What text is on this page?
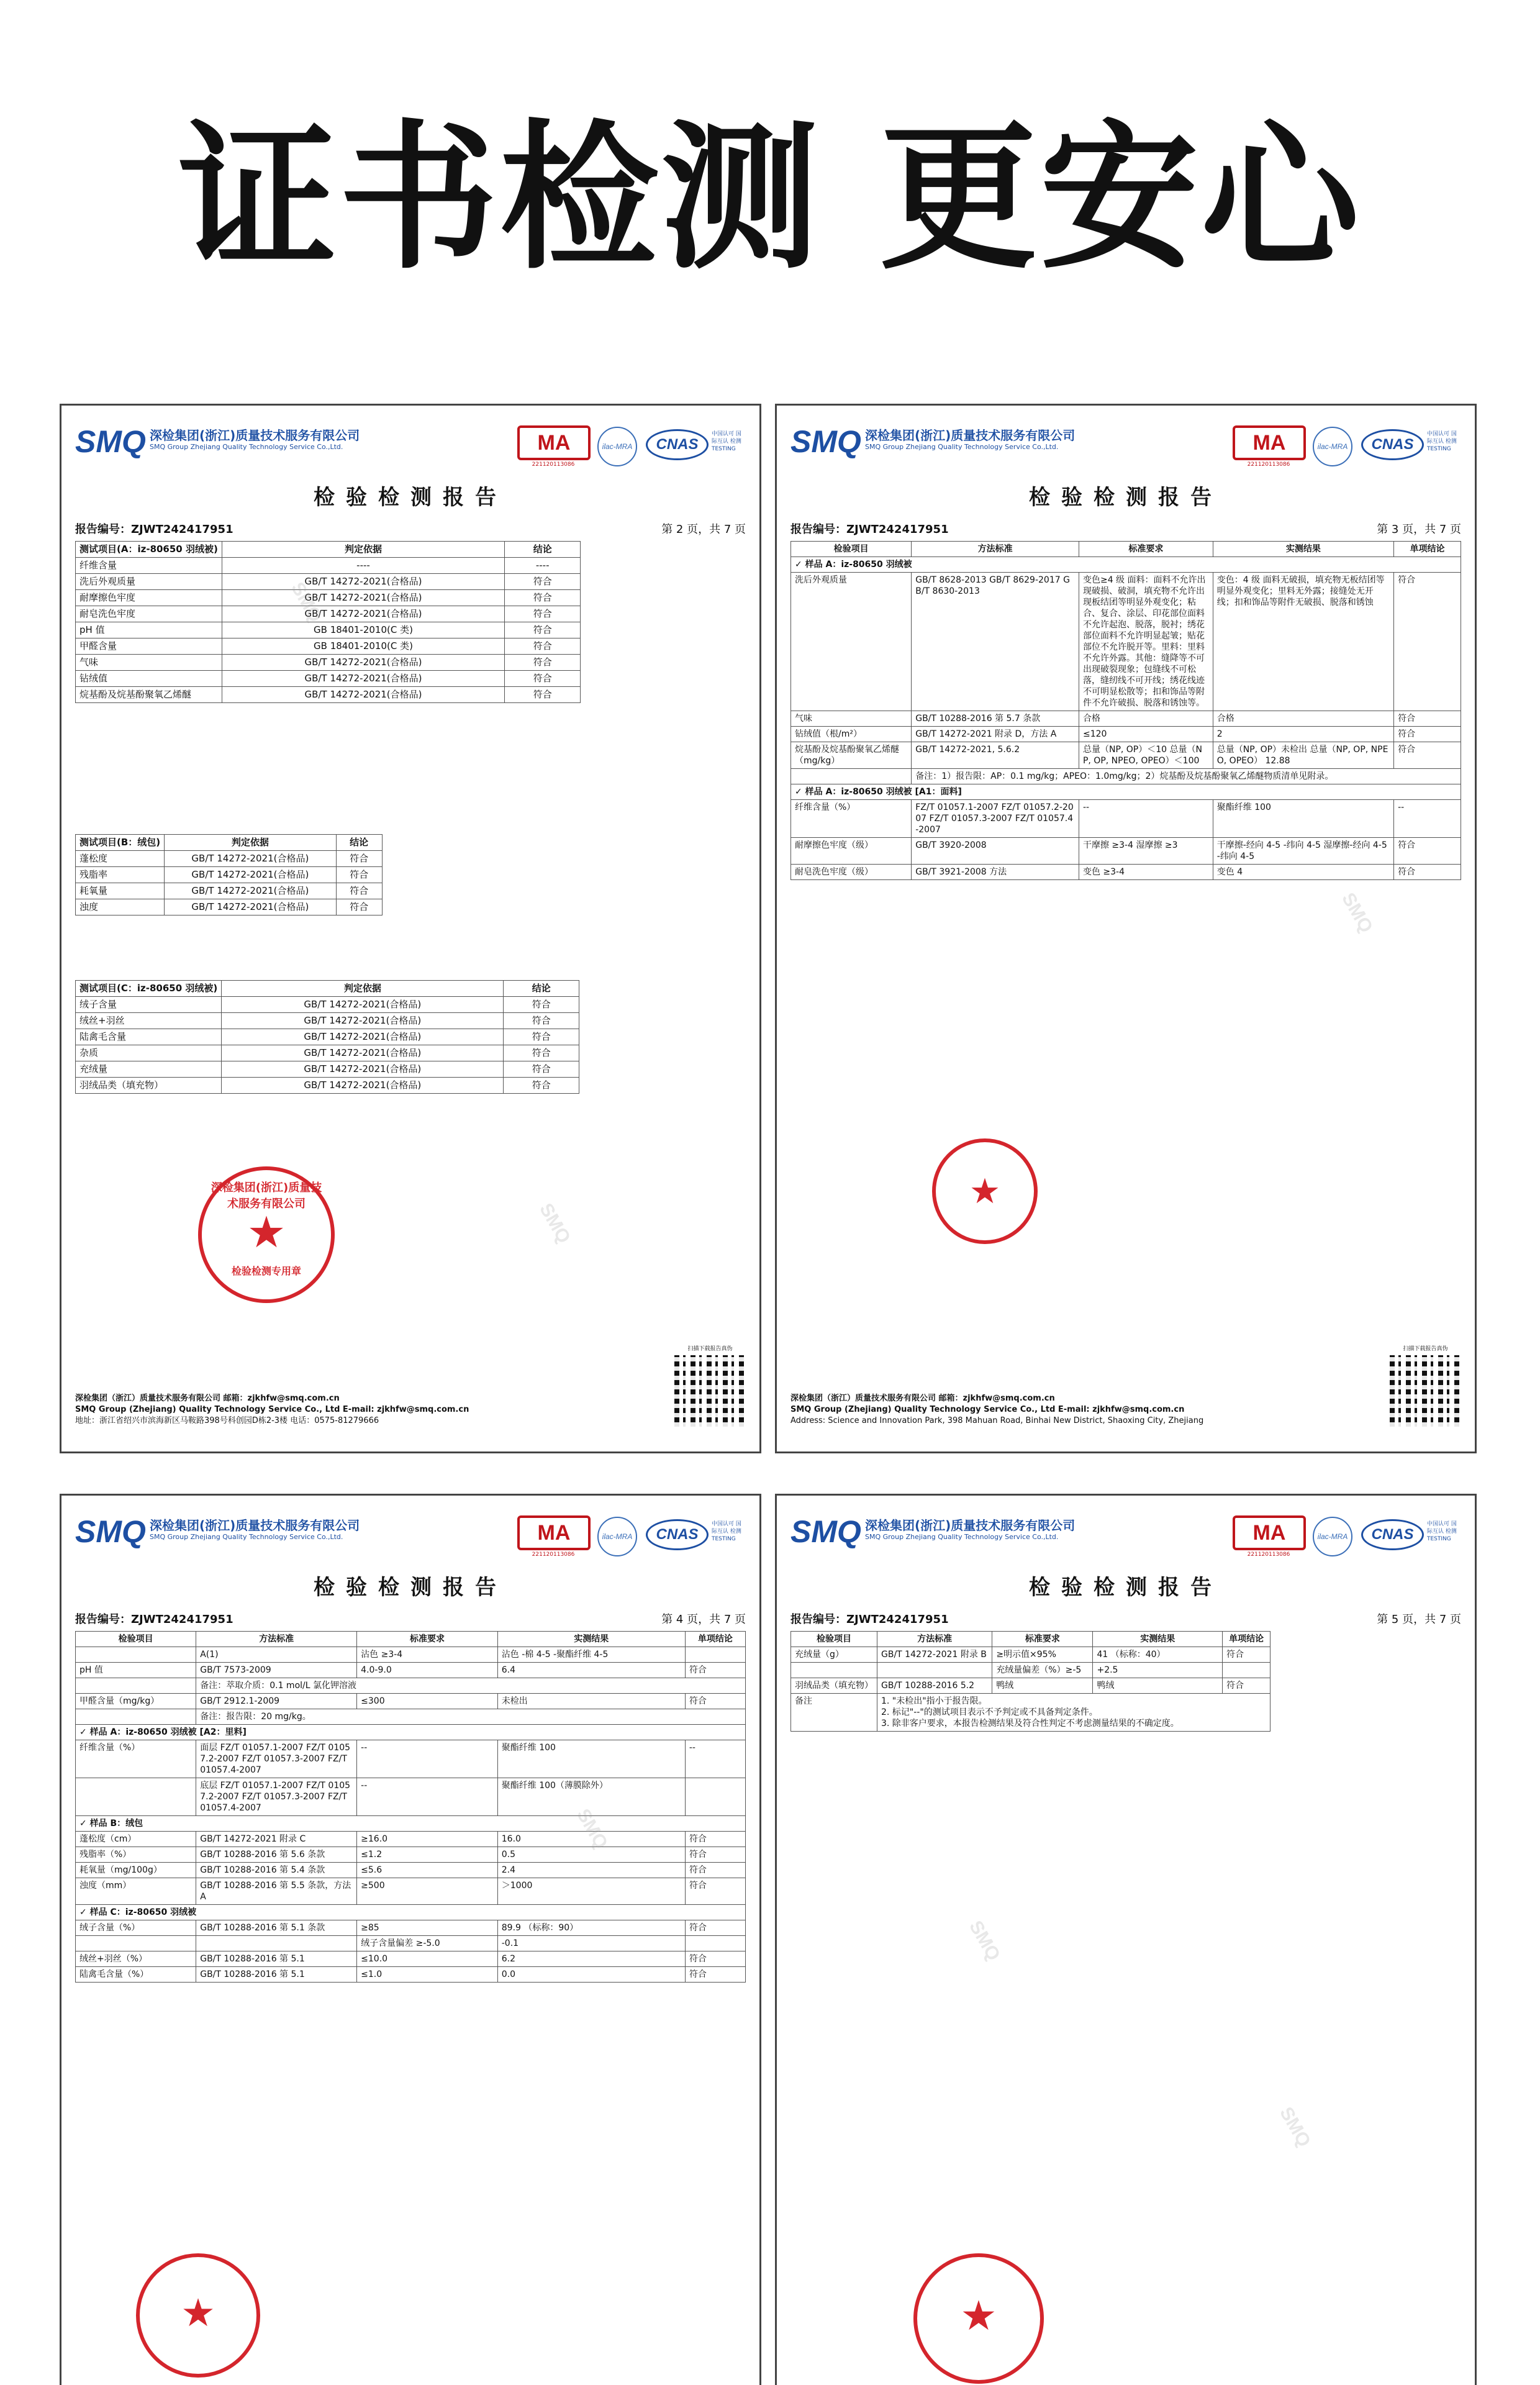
证书检测 更安心
SMQ 深检集团(浙江)质量技术服务有限公司
SMQ Group Zhejiang Quality Technology Service Co.,Ltd.	MA
221120113086
ilac-MRA	CNAS
中国认可 国际互认 检测 TESTING
检验检测报告
报告编号：ZJWT242417951	第 2 页，共 7 页
测试项目(A：iz-80650 羽绒被)	判定依据	结论
纤维含量	----	----
洗后外观质量	GB/T 14272-2021(合格品)	符合
耐摩擦色牢度	GB/T 14272-2021(合格品)	符合
耐皂洗色牢度	GB/T 14272-2021(合格品)	符合
pH 值	GB 18401-2010(C 类)	符合
甲醛含量	GB 18401-2010(C 类)	符合
气味	GB/T 14272-2021(合格品)	符合
钻绒值	GB/T 14272-2021(合格品)	符合
烷基酚及烷基酚聚氧乙烯醚	GB/T 14272-2021(合格品)	符合
测试项目(B：绒包)	判定依据	结论
蓬松度	GB/T 14272-2021(合格品)	符合
残脂率	GB/T 14272-2021(合格品)	符合
耗氧量	GB/T 14272-2021(合格品)	符合
浊度	GB/T 14272-2021(合格品)	符合
测试项目(C：iz-80650 羽绒被)	判定依据	结论
绒子含量	GB/T 14272-2021(合格品)	符合
绒丝+羽丝	GB/T 14272-2021(合格品)	符合
陆禽毛含量	GB/T 14272-2021(合格品)	符合
杂质	GB/T 14272-2021(合格品)	符合
充绒量	GB/T 14272-2021(合格品)	符合
羽绒品类（填充物）	GB/T 14272-2021(合格品)	符合
深检集团(浙江)质量技术服务有限公司
★
检验检测专用章
SMQ
SMQ
扫描下载报告真伪
深检集团（浙江）质量技术服务有限公司 邮箱：zjkhfw@smq.com.cn
SMQ Group (Zhejiang) Quality Technology Service Co., Ltd E-mail: zjkhfw@smq.com.cn
地址：浙江省绍兴市滨海新区马鞍路398号科创园D栋2-3楼 电话：0575-81279666
SMQ 深检集团(浙江)质量技术服务有限公司
SMQ Group Zhejiang Quality Technology Service Co.,Ltd.	MA
221120113086
ilac-MRA	CNAS
中国认可 国际互认 检测 TESTING
检验检测报告
报告编号：ZJWT242417951	第 3 页，共 7 页
检验项目	方法标准	标准要求	实测结果	单项结论
✓ 样品 A：iz-80650 羽绒被				
洗后外观质量	GB/T 8628-2013 GB/T 8629-2017 GB/T 8630-2013	变色≥4 级 面料：面料不允许出现破损、破洞，填充物不允许出现板结团等明显外观变化；粘合、复合、涂层、印花部位面料不允许起泡、脱落，脱衬；绣花部位面料不允许明显起皱；贴花部位不允许脱开等。里料：里料不允许外露。其他：缝降等不可出现破裂现象；包缝线不可松落，缝纫线不可开线；绣花线迹不可明显松散等；扣和饰品等附件不允许破损、脱落和锈蚀等。	变色：4 级 面料无破损，填充物无板结团等明显外观变化；里料无外露；接缝处无开线；扣和饰品等附件无破损、脱落和锈蚀	符合
气味	GB/T 10288-2016 第 5.7 条款	合格	合格	符合
钻绒值（根/m²）	GB/T 14272-2021 附录 D，方法 A	≤120	2	符合
烷基酚及烷基酚聚氧乙烯醚（mg/kg）	GB/T 14272-2021, 5.6.2	总量（NP, OP）＜10 总量（NP, OP, NPEO, OPEO）＜100	总量（NP, OP）未检出 总量（NP, OP, NPEO, OPEO） 12.88	符合
	备注：1）报告限：AP：0.1 mg/kg；APEO：1.0mg/kg；2）烷基酚及烷基酚聚氧乙烯醚物质清单见附录。			
✓ 样品 A：iz-80650 羽绒被 [A1：面料]				
纤维含量（%）	FZ/T 01057.1-2007 FZ/T 01057.2-2007 FZ/T 01057.3-2007 FZ/T 01057.4-2007	--	聚酯纤维 100	--
耐摩擦色牢度（级）	GB/T 3920-2008	干摩擦 ≥3-4 湿摩擦 ≥3	干摩擦-经向 4-5 -纬向 4-5 湿摩擦-经向 4-5 -纬向 4-5	符合
耐皂洗色牢度（级）	GB/T 3921-2008 方法	变色 ≥3-4	变色 4	符合
★
SMQ
扫描下载报告真伪
深检集团（浙江）质量技术服务有限公司 邮箱：zjkhfw@smq.com.cn
SMQ Group (Zhejiang) Quality Technology Service Co., Ltd E-mail: zjkhfw@smq.com.cn
Address: Science and Innovation Park, 398 Mahuan Road, Binhai New District, Shaoxing City, Zhejiang
SMQ 深检集团(浙江)质量技术服务有限公司
SMQ Group Zhejiang Quality Technology Service Co.,Ltd.	MA
221120113086
ilac-MRA	CNAS
中国认可 国际互认 检测 TESTING
检验检测报告
报告编号：ZJWT242417951	第 4 页，共 7 页
检验项目	方法标准	标准要求	实测结果	单项结论
	A(1)	沾色 ≥3-4	沾色 -棉 4-5 -聚酯纤维 4-5	
pH 值	GB/T 7573-2009	4.0-9.0	6.4	符合
	备注：萃取介质：0.1 mol/L 氯化钾溶液			
甲醛含量（mg/kg）	GB/T 2912.1-2009	≤300	未检出	符合
	备注：报告限：20 mg/kg。			
✓ 样品 A：iz-80650 羽绒被 [A2：里料]				
纤维含量（%）	面层 FZ/T 01057.1-2007 FZ/T 01057.2-2007 FZ/T 01057.3-2007 FZ/T 01057.4-2007	--	聚酯纤维 100	--
	底层 FZ/T 01057.1-2007 FZ/T 01057.2-2007 FZ/T 01057.3-2007 FZ/T 01057.4-2007	--	聚酯纤维 100（薄膜除外）	
✓ 样品 B：绒包				
蓬松度（cm）	GB/T 14272-2021 附录 C	≥16.0	16.0	符合
残脂率（%）	GB/T 10288-2016 第 5.6 条款	≤1.2	0.5	符合
耗氧量（mg/100g）	GB/T 10288-2016 第 5.4 条款	≤5.6	2.4	符合
浊度（mm）	GB/T 10288-2016 第 5.5 条款，方法 A	≥500	＞1000	符合
✓ 样品 C：iz-80650 羽绒被				
绒子含量（%）	GB/T 10288-2016 第 5.1 条款	≥85	89.9 （标称：90）	符合
		绒子含量偏差 ≥-5.0	-0.1	
绒丝+羽丝（%）	GB/T 10288-2016 第 5.1	≤10.0	6.2	符合
陆禽毛含量（%）	GB/T 10288-2016 第 5.1	≤1.0	0.0	符合
★
SMQ
SMQ 深检集团(浙江)质量技术服务有限公司
SMQ Group Zhejiang Quality Technology Service Co.,Ltd.	MA
221120113086
ilac-MRA	CNAS
中国认可 国际互认 检测 TESTING
检验检测报告
报告编号：ZJWT242417951	第 5 页，共 7 页
检验项目	方法标准	标准要求	实测结果	单项结论
充绒量（g）	GB/T 14272-2021 附录 B	≥明示值×95%	41 （标称：40）	符合
		充绒量偏差（%）≥-5	+2.5	
羽绒品类（填充物）	GB/T 10288-2016 5.2	鸭绒	鸭绒	符合
备注	1. "未检出"指小于报告限。
2. 标记"--"的测试项目表示不予判定或不具备判定条件。
3. 除非客户要求，本报告检测结果及符合性判定不考虑测量结果的不确定度。			
SMQ
SMQ
★
